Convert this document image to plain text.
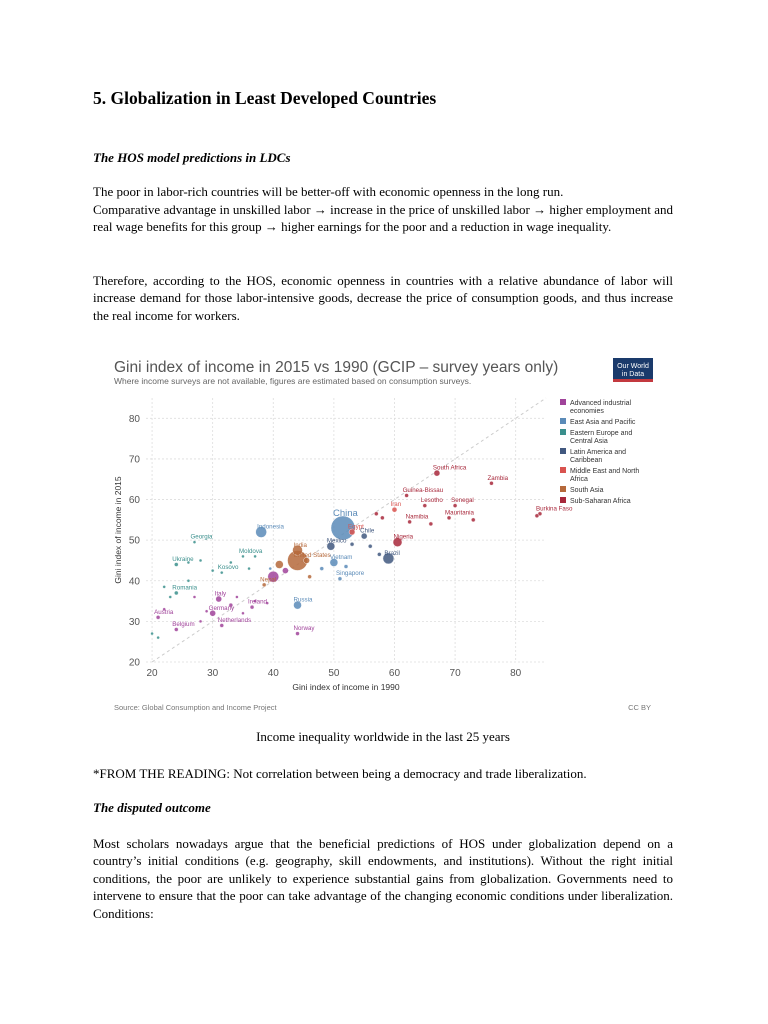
5. Globalization in Least Developed Countries

The HOS model predictions in LDCs

The poor in labor-rich countries will be better-off with economic openness in the long run.

Comparative advantage in unskilled labor → increase in the price of unskilled labor → higher employment and real wage benefits for this group → higher earnings for the poor and a reduction in wage inequality.

Therefore, according to the HOS, economic openness in countries with a relative abundance of labor will increase demand for those labor-intensive goods, decrease the price of consumption goods, and thus increase the real income for workers.

Gini index of income in 2015 vs 1990 (GCIP – survey years only)
Where income surveys are not available, figures are estimated based on consumption surveys.
Our World
in Data
20
30
40
50
60
70
80
20	30	40	50	60	70	80
Gini index of income in 1990
Gini index of income in 2015
South Africa
Zambia
Guinea-Bissau
Iran
Lesotho Senegal
Burkina Faso
Namibia
Mauritania
China
Egypt
Indonesia
Chile
Nigeria
India
Mexico
Brazil
Vietnam
Georgia
Moldova
Ukraine
Kosovo
United States
Singapore
Nepal
Romania
Italy
Russia
Germany
Ireland
Austria
Netherlands
Belgium
Norway
Advanced industrial economies
East Asia and Pacific
Eastern Europe and Central Asia
Latin America and Caribbean
Middle East and North Africa
South Asia
Sub-Saharan Africa
Source: Global Consumption and Income Project	CC BY

Income inequality worldwide in the last 25 years

*FROM THE READING: Not correlation between being a democracy and trade liberalization.

The disputed outcome

Most scholars nowadays argue that the beneficial predictions of HOS under globalization depend on a country’s initial conditions (e.g. geography, skill endowments, and institutions). Without the right initial conditions, the poor are unlikely to experience substantial gains from globalization. Governments need to intervene to ensure that the poor can take advantage of the changing economic conditions under liberalization. Conditions:
